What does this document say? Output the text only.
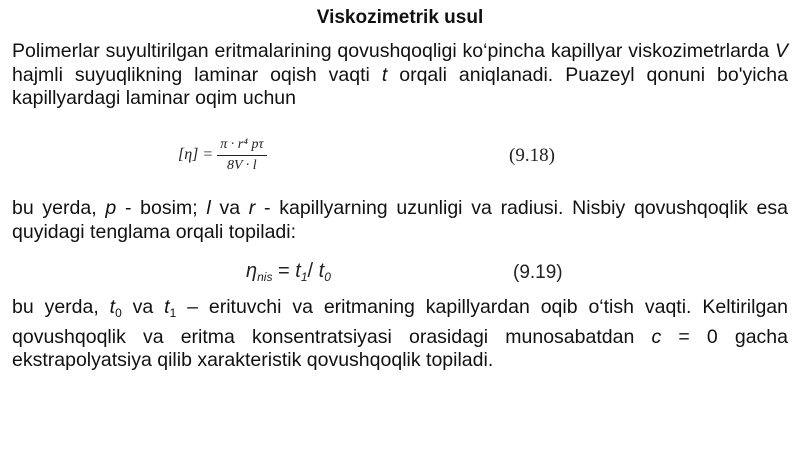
Viskozimetrik usul
Polimerlar suyultirilgan eritmalarining qovushqoqligi ko‘pincha kapillyar viskozimetrlarda V hajmli suyuqlikning laminar oqish vaqti t orqali aniqlanadi. Puazeyl qonuni bo'yicha kapillyardagi laminar oqim uchun
$[\eta] = \frac{\text{π · r⁴ pτ}}{8V \cdot l}$	(9.18)
bu yerda, p - bosim; l va r - kapillyarning uzunligi va radiusi. Nisbiy qovushqoqlik esa quyidagi tenglama orqali topiladi:
$\eta_{nis} = t_1/$ $t_0$	(9.19)
bu yerda, $t_0$ va $t_1$ – erituvchi va eritmaning kapillyardan oqib o‘tish vaqti. Keltirilgan qovushqoqlik va eritma konsentratsiyasi orasidagi munosabatdan c = 0 gacha ekstrapolyatsiya qilib xarakteristik qovushqoqlik topiladi.
